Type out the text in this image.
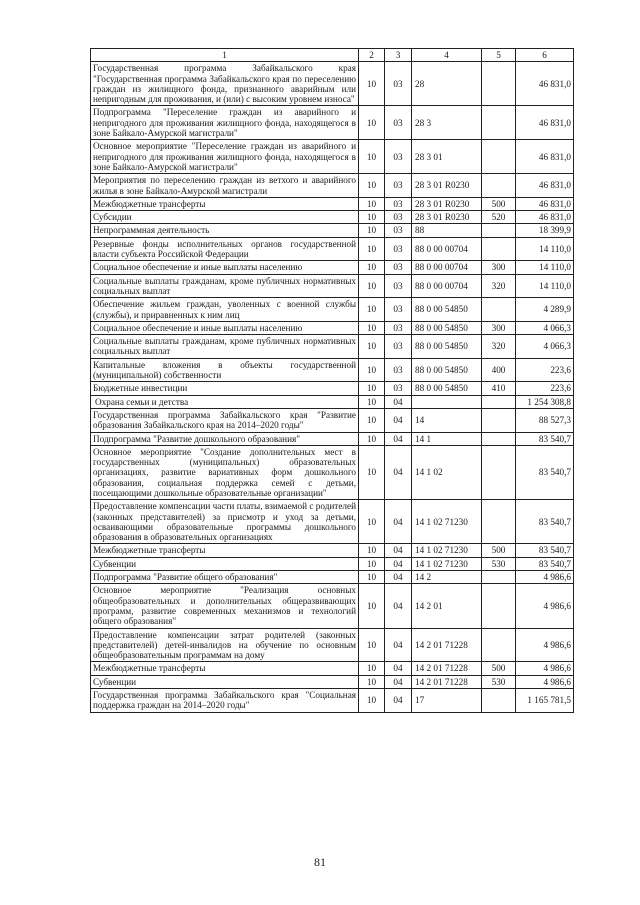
1	2	3	4	5	6
Государственная программа Забайкальского края "Государственная программа Забайкальского края по переселению граждан из жилищного фонда, признанного аварийным или непригодным для проживания, и (или) с высоким уровнем износа"	10	03	28		46 831,0
Подпрограмма "Переселение граждан из аварийного и непригодного для проживания жилищного фонда, находящегося в зоне Байкало-Амурской магистрали"	10	03	28 3		46 831,0
Основное мероприятие "Переселение граждан из аварийного и непригодного для проживания жилищного фонда, находящегося в зоне Байкало-Амурской магистрали"	10	03	28 3 01		46 831,0
Мероприятия по переселению граждан из ветхого и аварийного жилья в зоне Байкало-Амурской магистрали	10	03	28 3 01 R0230		46 831,0
Межбюджетные трансферты	10	03	28 3 01 R0230	500	46 831,0
Субсидии	10	03	28 3 01 R0230	520	46 831,0
Непрограммная деятельность	10	03	88		18 399,9
Резервные фонды исполнительных органов государственной власти субъекта Российской Федерации	10	03	88 0 00 00704		14 110,0
Социальное обеспечение и иные выплаты населению	10	03	88 0 00 00704	300	14 110,0
Социальные выплаты гражданам, кроме публичных нормативных социальных выплат	10	03	88 0 00 00704	320	14 110,0
Обеспечение жильем граждан, уволенных с военной службы (службы), и приравненных к ним лиц	10	03	88 0 00 54850		4 289,9
Социальное обеспечение и иные выплаты населению	10	03	88 0 00 54850	300	4 066,3
Социальные выплаты гражданам, кроме публичных нормативных социальных выплат	10	03	88 0 00 54850	320	4 066,3
Капитальные вложения в объекты государственной (муниципальной) собственности	10	03	88 0 00 54850	400	223,6
Бюджетные инвестиции	10	03	88 0 00 54850	410	223,6
Охрана семьи и детства	10	04			1 254 308,8
Государственная программа Забайкальского края "Развитие образования Забайкальского края на 2014–2020 годы"	10	04	14		88 527,3
Подпрограмма "Развитие дошкольного образования"	10	04	14 1		83 540,7
Основное мероприятие "Создание дополнительных мест в государственных (муниципальных) образовательных организациях, развитие вариативных форм дошкольного образования, социальная поддержка семей с детьми, посещающими дошкольные образовательные организации"	10	04	14 1 02		83 540,7
Предоставление компенсации части платы, взимаемой с родителей (законных представителей) за присмотр и уход за детьми, осваивающими образовательные программы дошкольного образования в образовательных организациях	10	04	14 1 02 71230		83 540,7
Межбюджетные трансферты	10	04	14 1 02 71230	500	83 540,7
Субвенции	10	04	14 1 02 71230	530	83 540,7
Подпрограмма "Развитие общего образования"	10	04	14 2		4 986,6
Основное мероприятие "Реализация основных общеобразовательных и дополнительных общеразвивающих программ, развитие современных механизмов и технологий общего образования"	10	04	14 2 01		4 986,6
Предоставление компенсации затрат родителей (законных представителей) детей-инвалидов на обучение по основным общеобразовательным программам на дому	10	04	14 2 01 71228		4 986,6
Межбюджетные трансферты	10	04	14 2 01 71228	500	4 986,6
Субвенции	10	04	14 2 01 71228	530	4 986,6
Государственная программа Забайкальского края "Социальная поддержка граждан на 2014–2020 годы"	10	04	17		1 165 781,5
81
